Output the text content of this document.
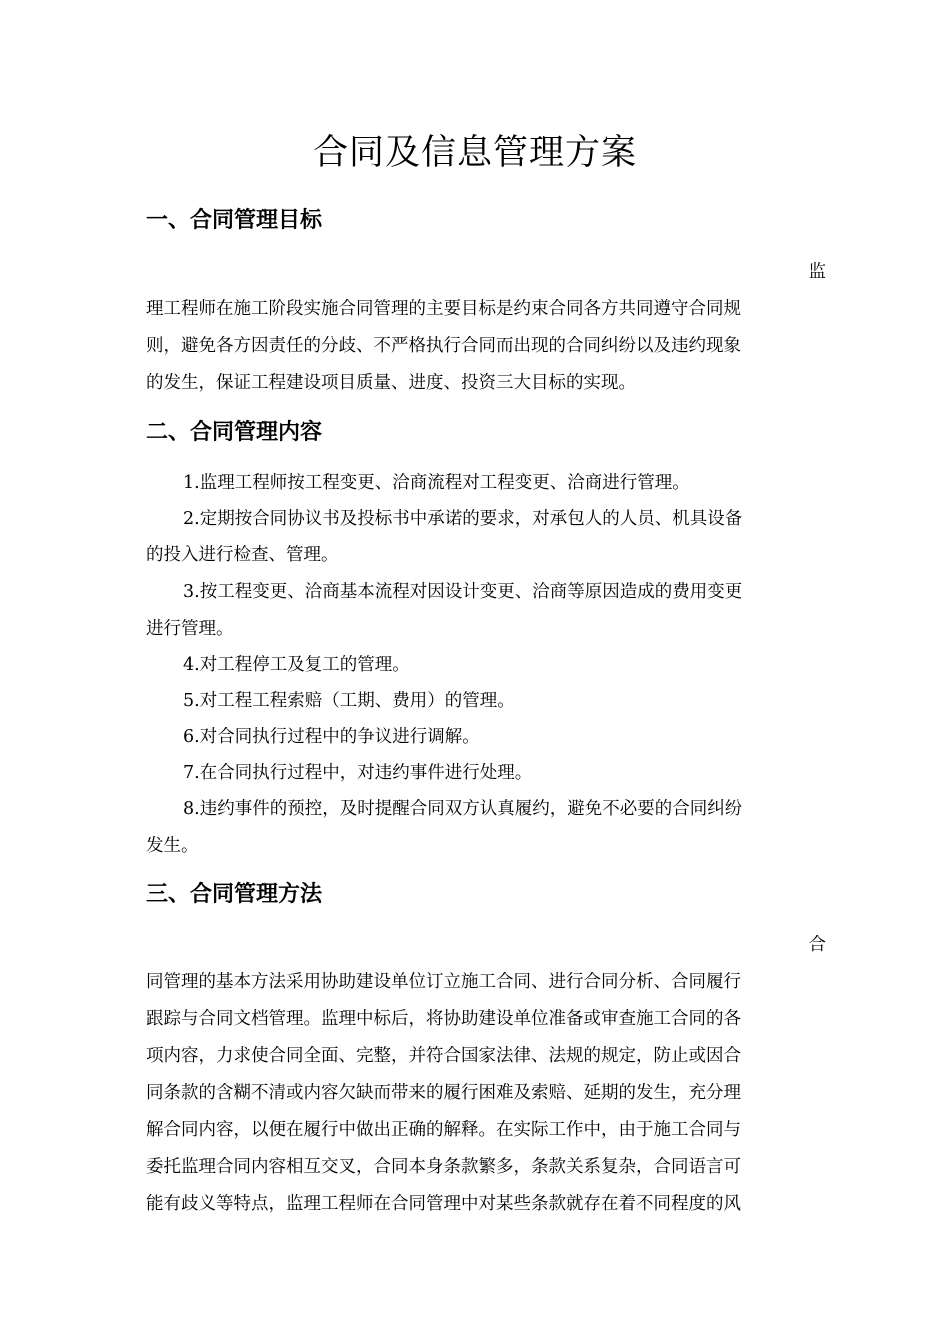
合同及信息管理方案
一、合同管理目标
监
理工程师在施工阶段实施合同管理的主要目标是约束合同各方共同遵守合同规
则，避免各方因责任的分歧、不严格执行合同而出现的合同纠纷以及违约现象
的发生，保证工程建设项目质量、进度、投资三大目标的实现。
二、合同管理内容
1.监理工程师按工程变更、洽商流程对工程变更、洽商进行管理。
2.定期按合同协议书及投标书中承诺的要求，对承包人的人员、机具设备
的投入进行检查、管理。
3.按工程变更、洽商基本流程对因设计变更、洽商等原因造成的费用变更
进行管理。
4.对工程停工及复工的管理。
5.对工程工程索赔（工期、费用）的管理。
6.对合同执行过程中的争议进行调解。
7.在合同执行过程中，对违约事件进行处理。
8.违约事件的预控，及时提醒合同双方认真履约，避免不必要的合同纠纷
发生。
三、合同管理方法
合
同管理的基本方法采用协助建设单位订立施工合同、进行合同分析、合同履行
跟踪与合同文档管理。监理中标后，将协助建设单位准备或审查施工合同的各
项内容，力求使合同全面、完整，并符合国家法律、法规的规定，防止或因合
同条款的含糊不清或内容欠缺而带来的履行困难及索赔、延期的发生，充分理
解合同内容，以便在履行中做出正确的解释。在实际工作中，由于施工合同与
委托监理合同内容相互交叉，合同本身条款繁多，条款关系复杂，合同语言可
能有歧义等特点，监理工程师在合同管理中对某些条款就存在着不同程度的风
